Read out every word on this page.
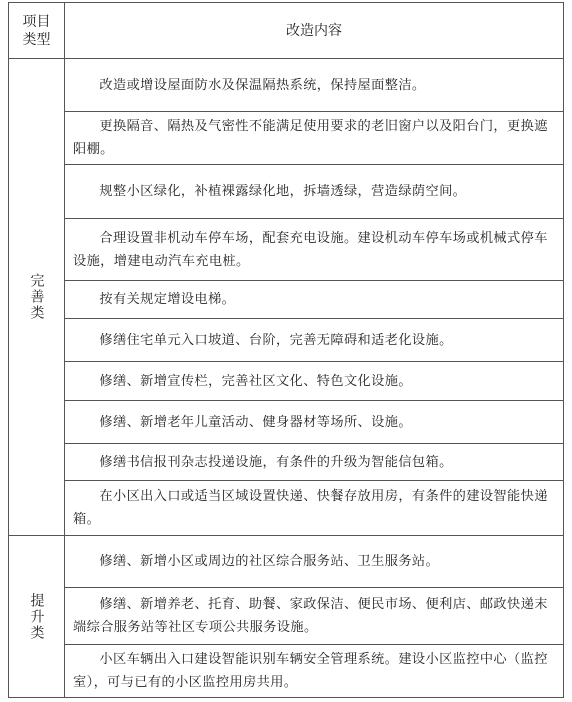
项目
类型
改造内容
完善类
提升类
改造或增设屋面防水及保温隔热系统，保持屋面整洁。
更换隔音、隔热及气密性不能满足使用要求的老旧窗户以及阳台门，更换遮阳棚。
规整小区绿化，补植裸露绿化地，拆墙透绿，营造绿荫空间。
合理设置非机动车停车场，配套充电设施。建设机动车停车场或机械式停车设施，增建电动汽车充电桩。
按有关规定增设电梯。
修缮住宅单元入口坡道、台阶，完善无障碍和适老化设施。
修缮、新增宣传栏，完善社区文化、特色文化设施。
修缮、新增老年儿童活动、健身器材等场所、设施。
修缮书信报刊杂志投递设施，有条件的升级为智能信包箱。
在小区出入口或适当区域设置快递、快餐存放用房，有条件的建设智能快递箱。
修缮、新增小区或周边的社区综合服务站、卫生服务站。
修缮、新增养老、托育、助餐、家政保洁、便民市场、便利店、邮政快递末端综合服务站等社区专项公共服务设施。
小区车辆出入口建设智能识别车辆安全管理系统。建设小区监控中心（监控室），可与已有的小区监控用房共用。
